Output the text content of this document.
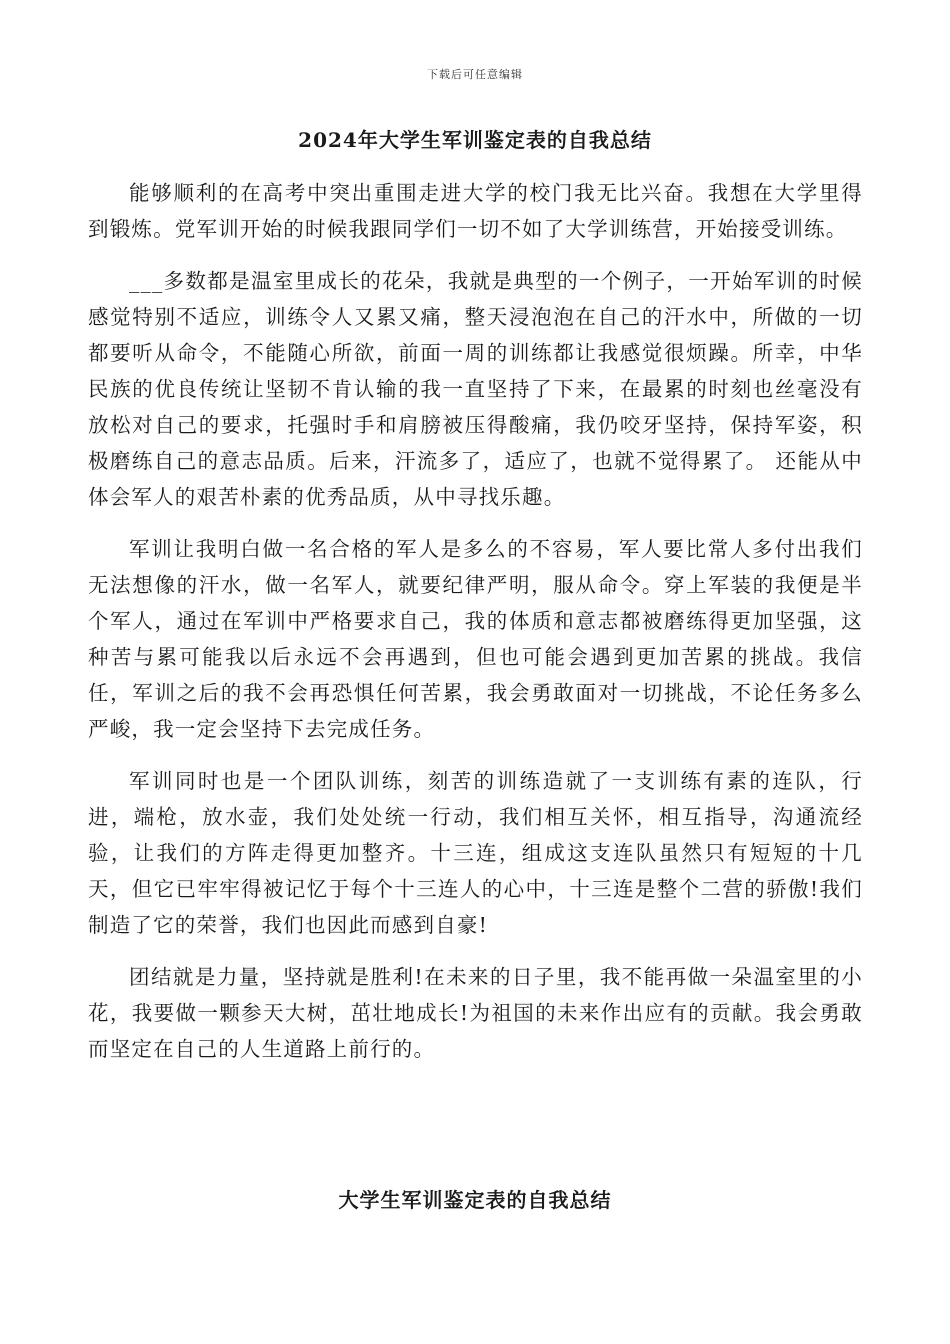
下载后可任意编辑
2024年大学生军训鉴定表的自我总结

能够顺利的在高考中突出重围走进大学的校门我无比兴奋。我想在大学里得到锻炼。党军训开始的时候我跟同学们一切不如了大学训练营，开始接受训练。

___多数都是温室里成长的花朵，我就是典型的一个例子，一开始军训的时候感觉特别不适应，训练令人又累又痛，整天浸泡泡在自己的汗水中，所做的一切都要听从命令，不能随心所欲，前面一周的训练都让我感觉很烦躁。所幸，中华民族的优良传统让坚韧不肯认输的我一直坚持了下来，在最累的时刻也丝毫没有放松对自己的要求，托强时手和肩膀被压得酸痛，我仍咬牙坚持，保持军姿，积极磨练自己的意志品质。后来，汗流多了，适应了，也就不觉得累了。 还能从中体会军人的艰苦朴素的优秀品质，从中寻找乐趣。

军训让我明白做一名合格的军人是多么的不容易，军人要比常人多付出我们无法想像的汗水，做一名军人，就要纪律严明，服从命令。穿上军装的我便是半个军人，通过在军训中严格要求自己，我的体质和意志都被磨练得更加坚强，这种苦与累可能我以后永远不会再遇到，但也可能会遇到更加苦累的挑战。我信任，军训之后的我不会再恐惧任何苦累，我会勇敢面对一切挑战，不论任务多么严峻，我一定会坚持下去完成任务。

军训同时也是一个团队训练，刻苦的训练造就了一支训练有素的连队，行进，端枪，放水壶，我们处处统一行动，我们相互关怀，相互指导，沟通流经验，让我们的方阵走得更加整齐。十三连，组成这支连队虽然只有短短的十几天，但它已牢牢得被记忆于每个十三连人的心中，十三连是整个二营的骄傲!我们制造了它的荣誉，我们也因此而感到自豪!

团结就是力量，坚持就是胜利!在未来的日子里，我不能再做一朵温室里的小花，我要做一颗参天大树，茁壮地成长!为祖国的未来作出应有的贡献。我会勇敢而坚定在自己的人生道路上前行的。

大学生军训鉴定表的自我总结
